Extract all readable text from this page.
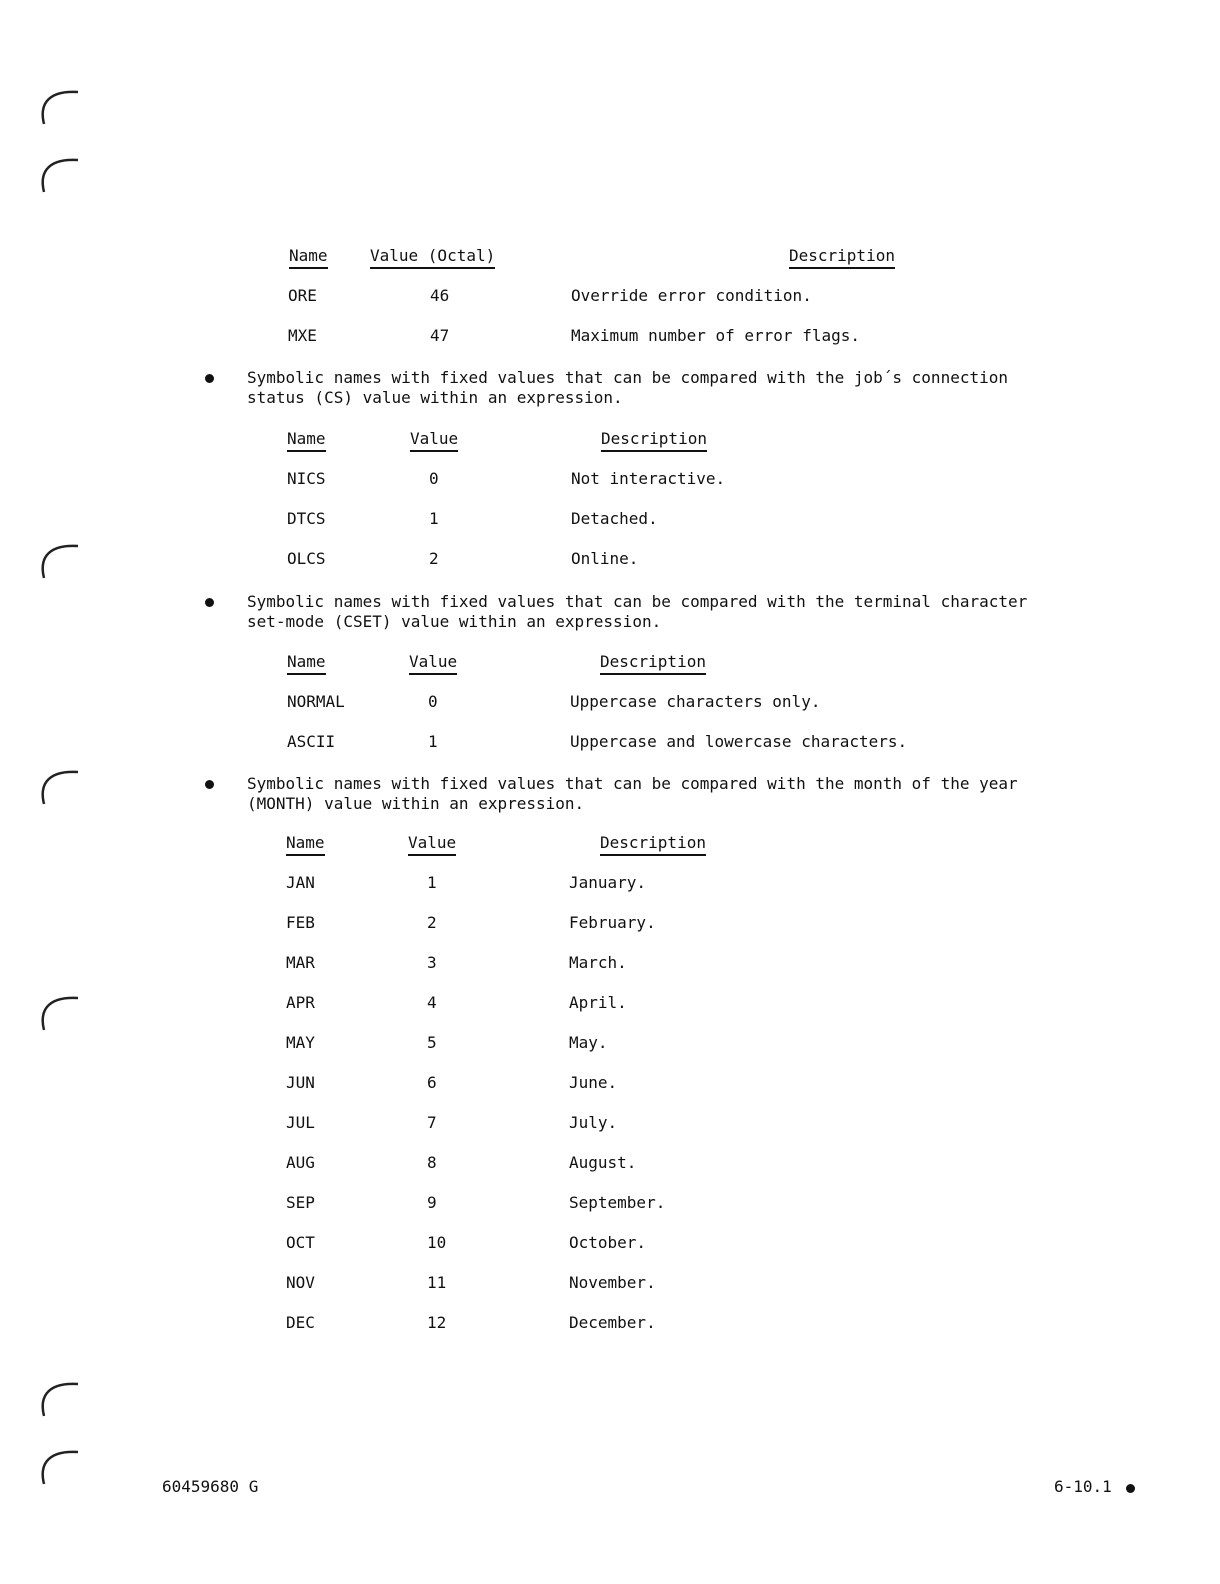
Name	Value (Octal)	Description
ORE	46	Override error condition.
MXE	47	Maximum number of error flags.
Symbolic names with fixed values that can be compared with the job´s connection
status (CS) value within an expression.
Name	Value	Description
NICS	0	Not interactive.
DTCS	1	Detached.
OLCS	2	Online.
Symbolic names with fixed values that can be compared with the terminal character
set-mode (CSET) value within an expression.
Name	Value	Description
NORMAL	0	Uppercase characters only.
ASCII	1	Uppercase and lowercase characters.
Symbolic names with fixed values that can be compared with the month of the year
(MONTH) value within an expression.
Name	Value	Description
JAN	1	January.
FEB	2	February.
MAR	3	March.
APR	4	April.
MAY	5	May.
JUN	6	June.
JUL	7	July.
AUG	8	August.
SEP	9	September.
OCT	10	October.
NOV	11	November.
DEC	12	December.
60459680 G	6-10.1
